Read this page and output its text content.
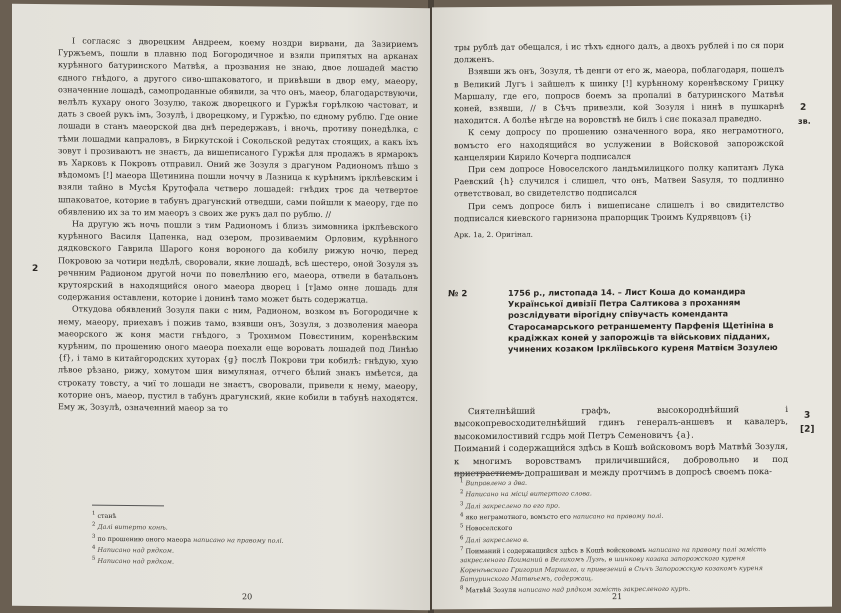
І согласяс з дворецким Андреем, коему ноздри вирвани, да Зазириемъ Гуржъемъ, пошли в плавню под Богородичное и взяли припятых на арканах курѣнного батуринского Матвѣя, а прозвания не знаю, двое лошадей мастю єдного гнѣдого, а другого сиво-шпаковатого, и привѣвши в двор ему, маеору, означенние лошадѣ, самопроданные обявили, за что онъ, маеор, благодарствуючи, велѣлъ кухару оного Зозулю, також дворецкого и Гуржѣя горѣлкою частоват, и дать з своей рукъ імъ, Зозулѣ, і дворецкому, и Гуржѣю, по єдному рублю. Где оние лошади в станъ маеорской два днѣ передержавъ, і вночь, противу понедѣлка, с тѣми лошадми капраловъ, в Биркутской і Сокольской редутах стоящих, а какъ іхъ зовут і прозиваютъ не знаєтъ, да вишеписаного Гуржѣя для продажъ в ярмарокъ въ Харковъ к Покровъ отправил. Оний же Зозуля з драгуном Радиономъ пѣшо з вѣдомомъ [!] маеора Щетинина пошли ноччу в Лазница к курѣнимъ ірклѣевским і взяли тайно в Мусѣя Крутофала чєтверо лошадей: гнѣдих троє да четвертое шпаковатое, которие в табунъ драгунский отведши, сами пойшли к маеору, где по обявлению их за то им маеоръ з своих же рукъ дал по рублю. //

На другую жъ ночь пошли з тим Радиономъ і близъ зимовника ірклѣевского курѣнного Василя Цапенка, над озером, прозиваемим Орловим, курѣнного дядковского Гаврила Шарого коня вороного да кобилу рижую ночю, перед Покровою за чотири недѣлѣ, своровали, якие лошадѣ, всѣ шестеро, оной Зозуля зъ речнним Радионом другой ночи по повелѣнию его, маеора, отвели в батальонъ крутоярский в находящийся оного маеора дворец і [т]амо онне лошадь для содержания оставлени, которие і донинѣ тамо может быть содержатца.

Откудова обявлений Зозуля паки с ним, Радионом, возком въ Богородичне к нему, маеору, приехавъ і пожив тамо, взявши онъ, Зозуля, з дозволения маеора маеорского ж коня масти гнѣдого, з Трохимом Повєстиним, коренѣвским курѣним, по прошению оного маеора поехали еще воровать лошадей под Линѣю {f}, і тамо в китайгородских хуторах {g} послѣ Покрови три кобилѣ: гнѣдую, хую лѣвое рѣзано, рижу, хомутом шия вимуляная, отчего бѣлий знакъ имѣется, да строкату товсту, а чиї то лошади не знаєтъ, своровали, привели к нему, маеору, которие онъ, маеор, пустил в табунъ драгунский, якие кобили в табунѣ находятся. Ему ж, Зозулѣ, означенний маеор за то

2

$^1$ станѣ

$^2$ Далі витерто конѣ.

$^3$ по прошению оного маеора написано на правому полі.

$^4$ Написано над рядком.

$^5$ Написано над рядком.

20

тры рублѣ дат обещался, і ис тѣхъ єдного далъ, а двохъ рублей і по ся пори долженъ.

Взявши жъ онъ, Зозуля, тѣ денги от его ж, маеора, поблагодаря, пошелъ в Великий Лугъ і зайшелъ к шинку [!] курѣнному коренѣвскому Грицку Маршалу, где его, попросв боемъ за пропалиі в батуринского Матвѣя коней, взявши, // в Сѣчъ привезли, кой Зозуля і нинѣ в пушкарнѣ находится. А болѣе нѣгде на воровствѣ не билъ і сиє показал праведно.

К сему допросу по прошению означенного вора, яко неграмотного, вомъсто его находящийся во услужении в Войсковой запорожской канцелярии Кирило Кочерга подписался

При сем допросе Новоселского ландъмилицкого полку капитанъ Лука Раевский {h} случился і слишел, что онъ, Матвеи Sasуля, то подлинно ответствовал, во свидетелство подписался

При семъ допросе билъ і вишеписане слишелъ і во свидителство подписался киевского гарнизона прапорщик Троимъ Кудрявцовъ {i}

Арк. 1а, 2. Оригінал.

2
зв.
№ 2	1756 р., листопада 14. – Лист Коша до командира Української дивізії Петра Салтикова з проханням розслідувати вірогідну співучасть коменданта Старосамарського ретраншементу Парфенія Щетініна в крадіжках коней у запорожців та військових підданих, учинених козаком Ірклїівського куреня Матвієм Зозулею

Сиятелнѣйший графъ, высокороднѣйший і высокопревосходителнѣйший гдинъ генералъ-аншевъ и кавалеръ, высокомилостивий гсдрь мой Петръ Семеновичъ {a}.

Поиманий і содержащийся здѣсь в Кошѣ войсковомъ ворѣ Матвѣй Зозуля, к многимъ воровствамъ приличившийся, добровольно и под пристрастиемъ допрашиван и между протчимъ в допросѣ своемъ пока-

3
[2]

$^1$ Виправлено з два.

$^2$ Написано на місці витертого слова.

$^3$ Далі закреслено по его про.

$^4$ яко неграмотного, вомъсто его написано на правому полі.

$^5$ Новоселского

$^6$ Далі закреслено в.

$^7$ Поиманий і содержащийся здѣсь в Кошѣ войсковомъ написано на правому полі замість закресленого Поиманий в Великомъ Лузѣ, в шинкову козака запорожского куреня Коренѣвского Григория Маршала, и привезений в Сѣчъ Запорожскую козакомъ куреня Батуринского Матвѣемъ, содержащ.

$^8$ Матвѣй Зозуля написано над рядком замість закресленого курѣ.

21
